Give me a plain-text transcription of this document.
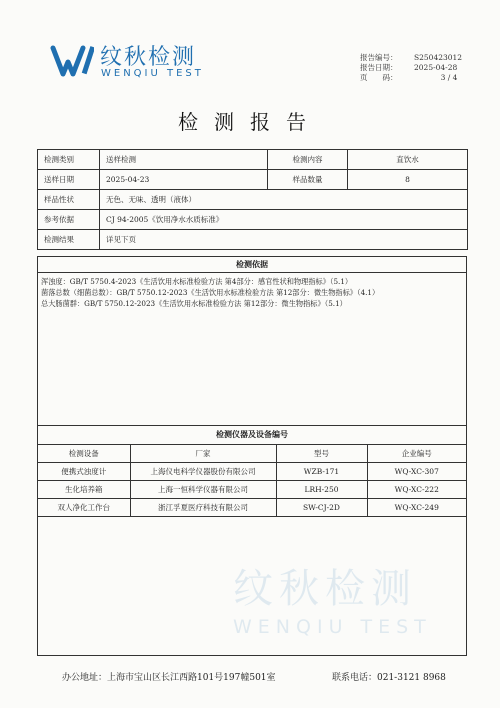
纹秋检测
WENQIU TEST
报告编号：	S250423012
报告日期：	2025-04-28
页　　码：	3 / 4
检测报告
检测类别	送样检测	检测内容	直饮水
送样日期	2025-04-23	样品数量	8
样品性状	无色、无味、透明（液体）		
参考依据	CJ 94-2005《饮用净水水质标准》		
检测结果	详见下页		
检测依据
浑浊度：GB/T 5750.4-2023《生活饮用水标准检验方法 第4部分：感官性状和物理指标》（5.1）
菌落总数（细菌总数）：GB/T 5750.12-2023《生活饮用水标准检验方法 第12部分：微生物指标》（4.1）
总大肠菌群：GB/T 5750.12-2023《生活饮用水标准检验方法 第12部分：微生物指标》（5.1）
纹秋检测
WENQIU TEST
检测仪器及设备编号
检测设备	厂家	型号	企业编号
便携式浊度计	上海仪电科学仪器股份有限公司	WZB-171	WQ-XC-307
生化培养箱	上海一恒科学仪器有限公司	LRH-250	WQ-XC-222
双人净化工作台	浙江孚夏医疗科技有限公司	SW-CJ-2D	WQ-XC-249
办公地址：上海市宝山区长江西路101号197幢501室	联系电话：021-3121 8968
